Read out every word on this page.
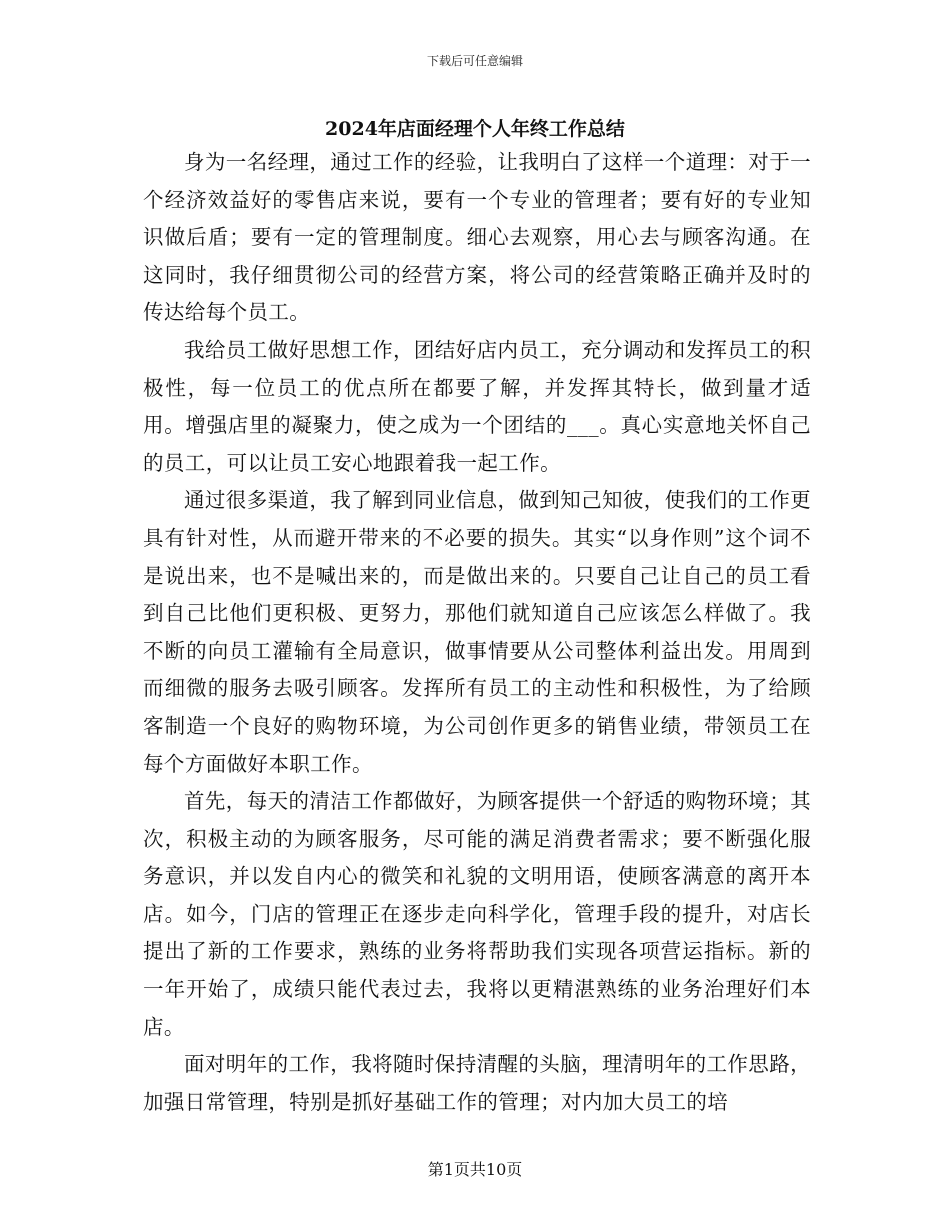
下载后可任意编辑
2024年店面经理个人年终工作总结

身为一名经理，通过工作的经验，让我明白了这样一个道理：对于一个经济效益好的零售店来说，要有一个专业的管理者；要有好的专业知识做后盾；要有一定的管理制度。细心去观察，用心去与顾客沟通。在这同时，我仔细贯彻公司的经营方案，将公司的经营策略正确并及时的传达给每个员工。

我给员工做好思想工作，团结好店内员工，充分调动和发挥员工的积极性，每一位员工的优点所在都要了解，并发挥其特长，做到量才适用。增强店里的凝聚力，使之成为一个团结的___。真心实意地关怀自己的员工，可以让员工安心地跟着我一起工作。

通过很多渠道，我了解到同业信息，做到知己知彼，使我们的工作更具有针对性，从而避开带来的不必要的损失。其实“以身作则”这个词不是说出来，也不是喊出来的，而是做出来的。只要自己让自己的员工看到自己比他们更积极、更努力，那他们就知道自己应该怎么样做了。我不断的向员工灌输有全局意识，做事情要从公司整体利益出发。用周到而细微的服务去吸引顾客。发挥所有员工的主动性和积极性，为了给顾客制造一个良好的购物环境，为公司创作更多的销售业绩，带领员工在每个方面做好本职工作。

首先，每天的清洁工作都做好，为顾客提供一个舒适的购物环境；其次，积极主动的为顾客服务，尽可能的满足消费者需求；要不断强化服务意识，并以发自内心的微笑和礼貌的文明用语，使顾客满意的离开本店。如今，门店的管理正在逐步走向科学化，管理手段的提升，对店长提出了新的工作要求，熟练的业务将帮助我们实现各项营运指标。新的一年开始了，成绩只能代表过去，我将以更精湛熟练的业务治理好们本店。

面对明年的工作，我将随时保持清醒的头脑，理清明年的工作思路，加强日常管理，特别是抓好基础工作的管理；对内加大员工的培

第1页共10页
